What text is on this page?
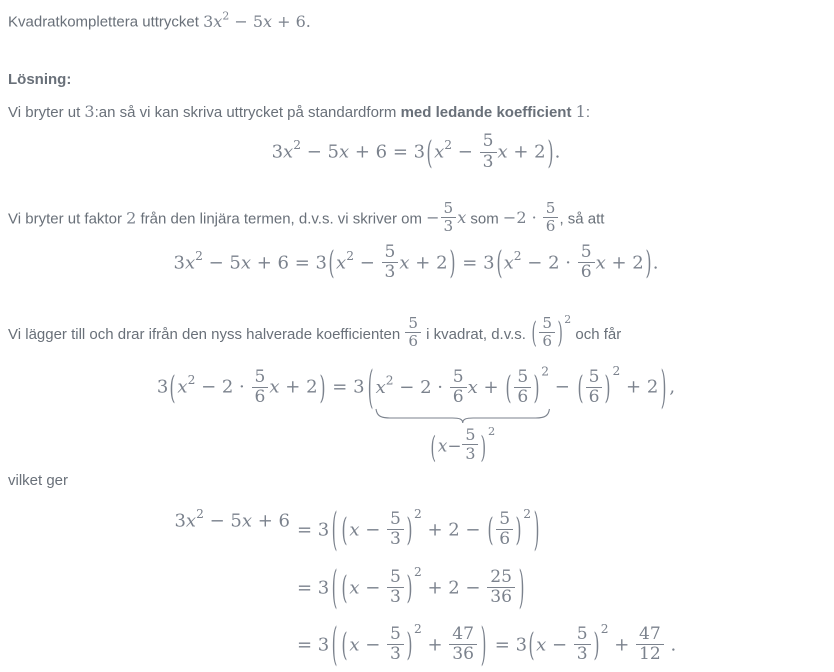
Kvadratkomplettera uttrycket $3x^2 - 5x + 6$.

Lösning:

Vi bryter ut 3:an så vi kan skriva uttrycket på standardform med ledande koefficient 1:

$3x^2 - 5x + 6 = 3(x^2 - \frac{5}{3}$ x + 2).

Vi bryter ut faktor 2 från den linjära termen, d.v.s. vi skriver om − $\frac{5}{3}$ x som $-2 \cdot \frac{5}{6}$ , så att

$3x^2 - 5x + 6 = 3(x^2 - \frac{5}{3}$ $x + 2) = 3(x^2 - 2 \cdot \frac{5}{6}$ x + 2).

Vi lägger till och drar ifrån den nyss halverade koefficienten $\frac{5}{6}$ i kvadrat, d.v.s. ( $\frac{5}{6} )^2$ och får

$3(x^2 - 2 \cdot \frac{5}{6}$ x + 2) = 3 ( $x^2 - 2 \cdot \frac{5}{6}$ x + ( $\frac{5}{6}$ ) $^2$
$(x- \frac{5}{3} )^2$
− ( $\frac{5}{6}$ ) $^2$ + 2 ) ,

vilket ger

$3x^2 - 5x + 6 = 3$ ( ($x - \frac{5}{3}$ ) $^2$ + 2 − ( $\frac{5}{6}$ ) $^2$ )
= 3 ( ($x - \frac{5}{3}$ ) $^2 + 2 - \frac{25}{36}$ )
= 3 ( ($x - \frac{5}{3}$ ) $^2 + \frac{47}{36}$ ) = $3(x - \frac{5}{3}$ ) $^2 + \frac{47}{12}$ .
